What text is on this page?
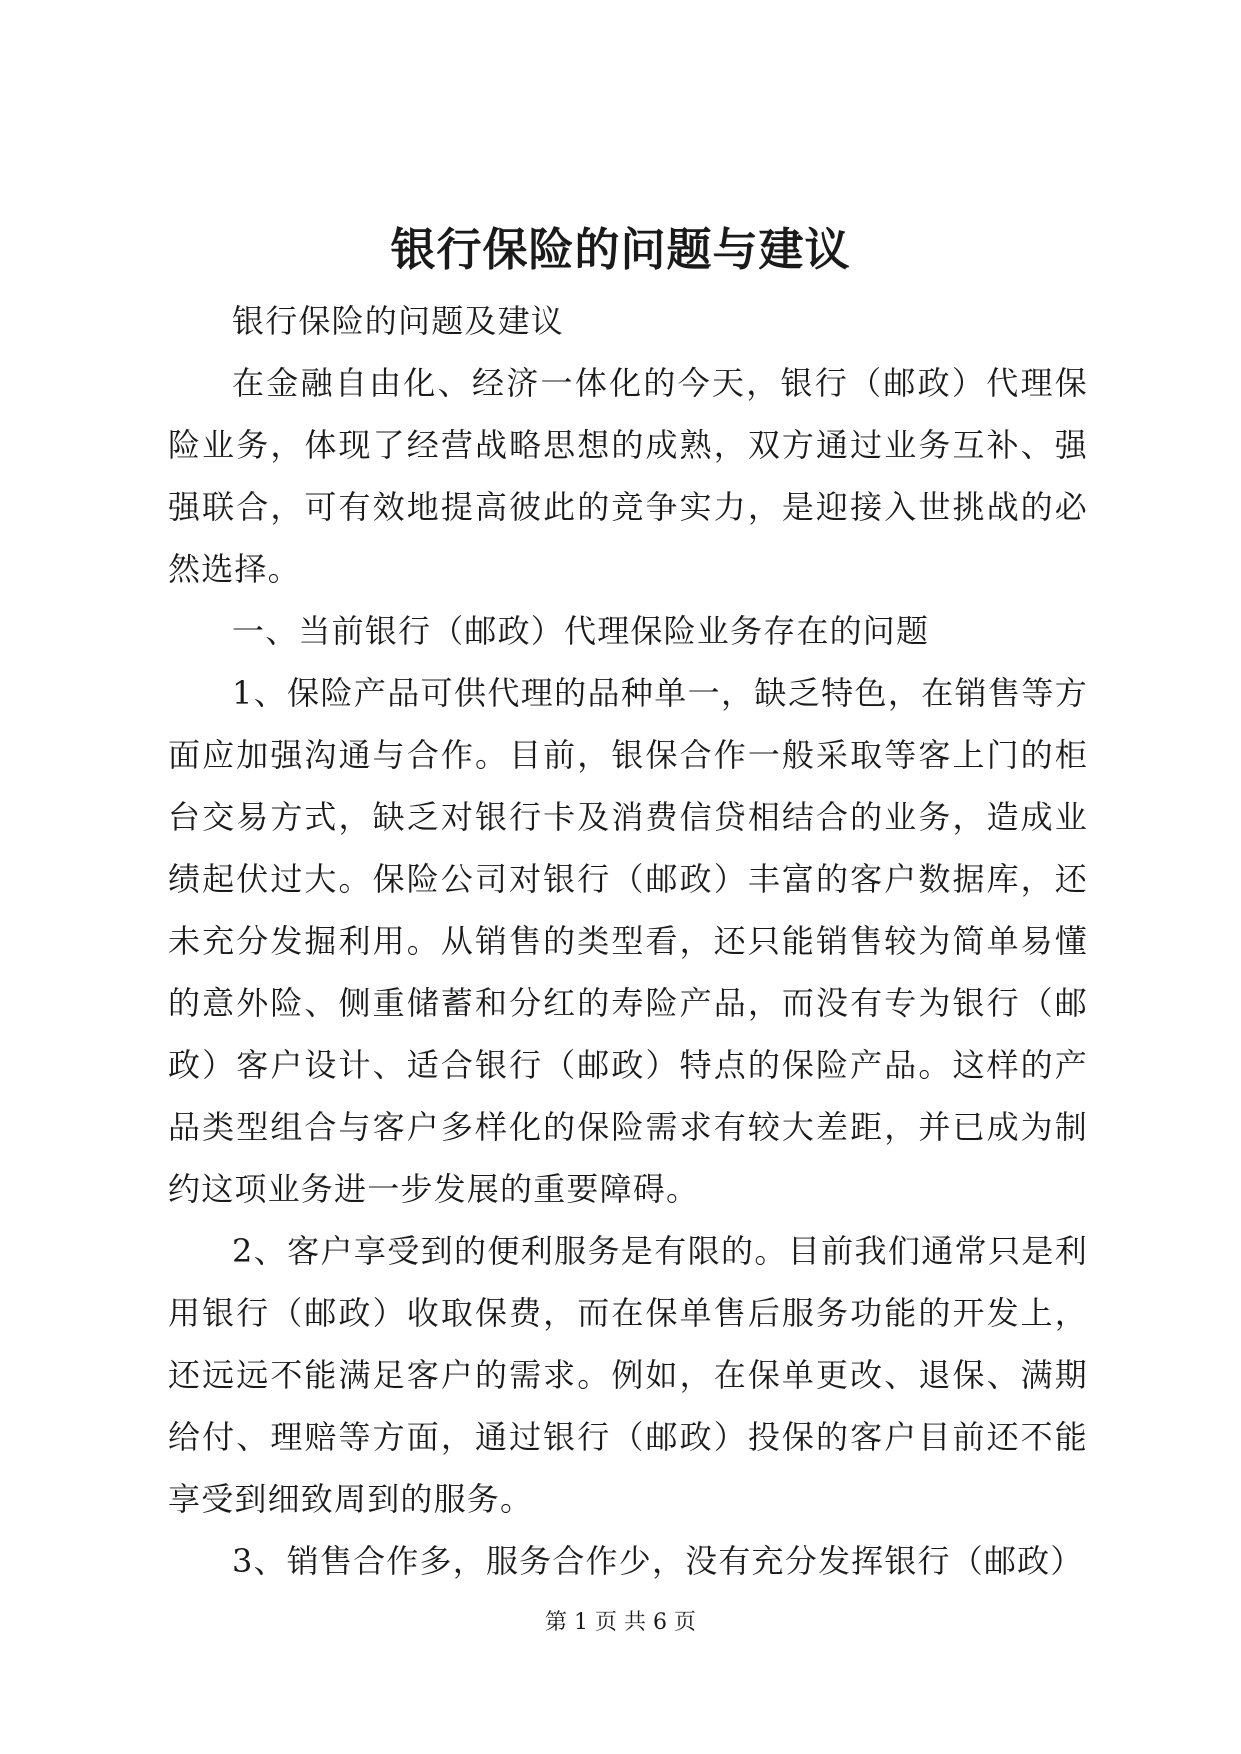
银行保险的问题与建议

银行保险的问题及建议

在金融自由化、经济一体化的今天，银行（邮政）代理保险业务，体现了经营战略思想的成熟，双方通过业务互补、强强联合，可有效地提高彼此的竞争实力，是迎接入世挑战的必然选择。

一、当前银行（邮政）代理保险业务存在的问题

1、保险产品可供代理的品种单一，缺乏特色，在销售等方面应加强沟通与合作。目前，银保合作一般采取等客上门的柜台交易方式，缺乏对银行卡及消费信贷相结合的业务，造成业绩起伏过大。保险公司对银行（邮政）丰富的客户数据库，还未充分发掘利用。从销售的类型看，还只能销售较为简单易懂的意外险、侧重储蓄和分红的寿险产品，而没有专为银行（邮政）客户设计、适合银行（邮政）特点的保险产品。这样的产品类型组合与客户多样化的保险需求有较大差距，并已成为制约这项业务进一步发展的重要障碍。

2、客户享受到的便利服务是有限的。目前我们通常只是利用银行（邮政）收取保费，而在保单售后服务功能的开发上，还远远不能满足客户的需求。例如，在保单更改、退保、满期给付、理赔等方面，通过银行（邮政）投保的客户目前还不能享受到细致周到的服务。

3、销售合作多，服务合作少，没有充分发挥银行（邮政）

第 1 页 共 6 页
